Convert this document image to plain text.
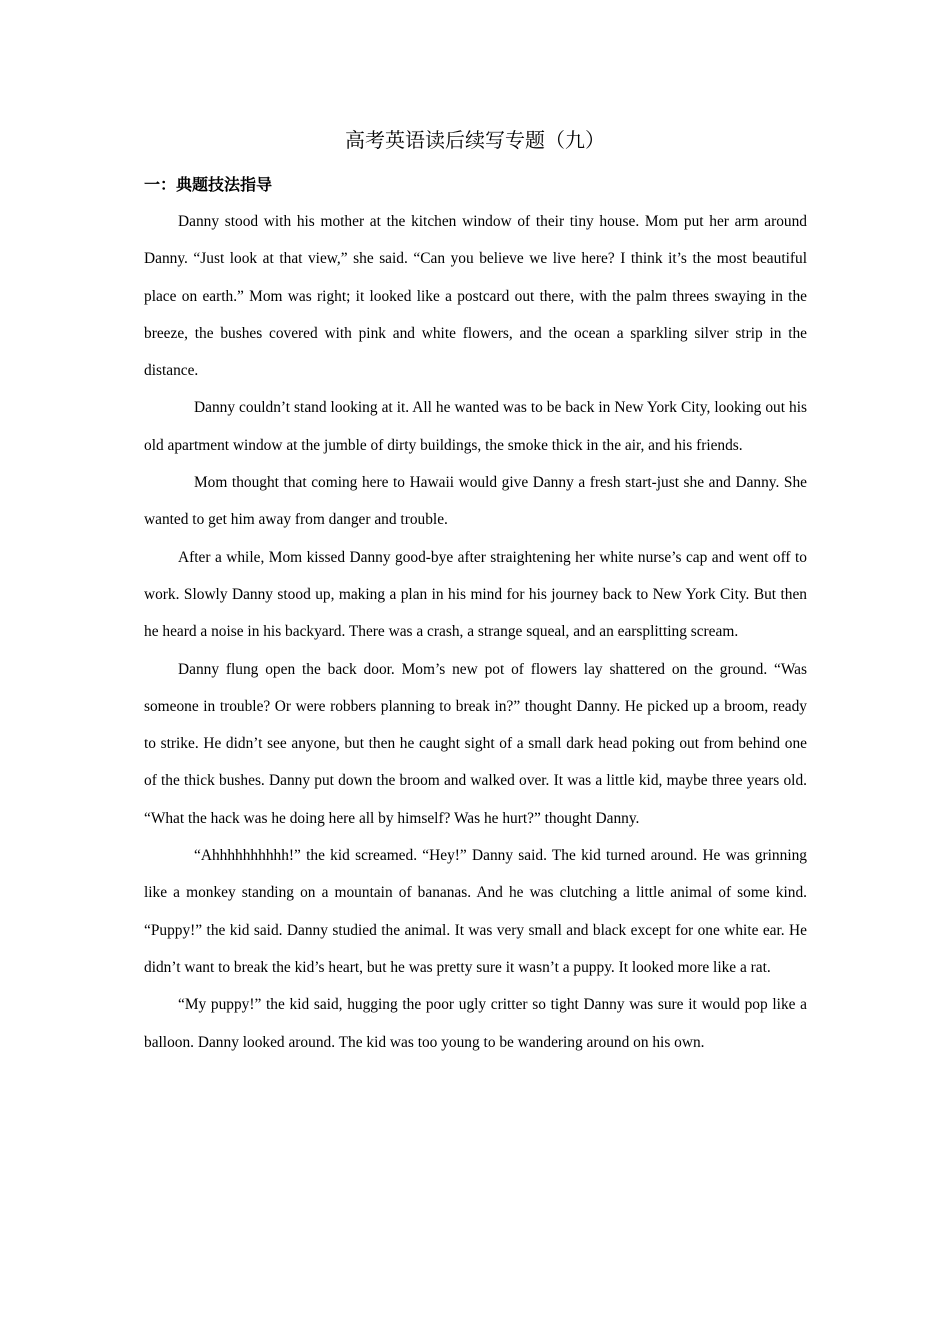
高考英语读后续写专题（九）
一：典题技法指导

Danny stood with his mother at the kitchen window of their tiny house. Mom put her arm around Danny. “Just look at that view,” she said. “Can you believe we live here? I think it’s the most beautiful place on earth.” Mom was right; it looked like a postcard out there, with the palm threes swaying in the breeze, the bushes covered with pink and white flowers, and the ocean a sparkling silver strip in the distance.

Danny couldn’t stand looking at it. All he wanted was to be back in New York City, looking out his old apartment window at the jumble of dirty buildings, the smoke thick in the air, and his friends.

Mom thought that coming here to Hawaii would give Danny a fresh start-just she and Danny. She wanted to get him away from danger and trouble.

After a while, Mom kissed Danny good-bye after straightening her white nurse’s cap and went off to work. Slowly Danny stood up, making a plan in his mind for his journey back to New York City. But then he heard a noise in his backyard. There was a crash, a strange squeal, and an earsplitting scream.

Danny flung open the back door. Mom’s new pot of flowers lay shattered on the ground. “Was someone in trouble? Or were robbers planning to break in?” thought Danny. He picked up a broom, ready to strike. He didn’t see anyone, but then he caught sight of a small dark head poking out from behind one of the thick bushes. Danny put down the broom and walked over. It was a little kid, maybe three years old. “What the hack was he doing here all by himself? Was he hurt?” thought Danny.

“Ahhhhhhhhhh!” the kid screamed. “Hey!” Danny said. The kid turned around. He was grinning like a monkey standing on a mountain of bananas. And he was clutching a little animal of some kind. “Puppy!” the kid said. Danny studied the animal. It was very small and black except for one white ear. He didn’t want to break the kid’s heart, but he was pretty sure it wasn’t a puppy. It looked more like a rat.

“My puppy!” the kid said, hugging the poor ugly critter so tight Danny was sure it would pop like a balloon. Danny looked around. The kid was too young to be wandering around on his own.
